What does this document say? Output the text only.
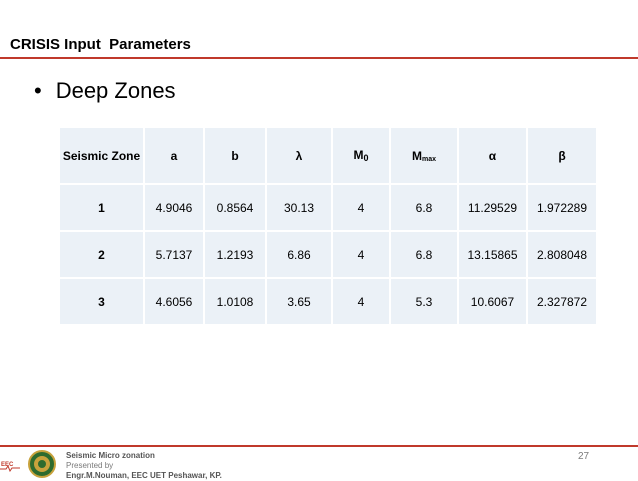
CRISIS Input  Parameters
• Deep Zones
Seismic Zone	a	b	λ	$M_0$	$M_{max}$	α	β
1	4.9046	0.8564	30.13	4	6.8	11.29529	1.972289
2	5.7137	1.2193	6.86	4	6.8	13.15865	2.808048
3	4.6056	1.0108	3.65	4	5.3	10.6067	2.327872
EEC
Seismic Micro zonation
Presented by
Engr.M.Nouman, EEC UET Peshawar, KP.
27
